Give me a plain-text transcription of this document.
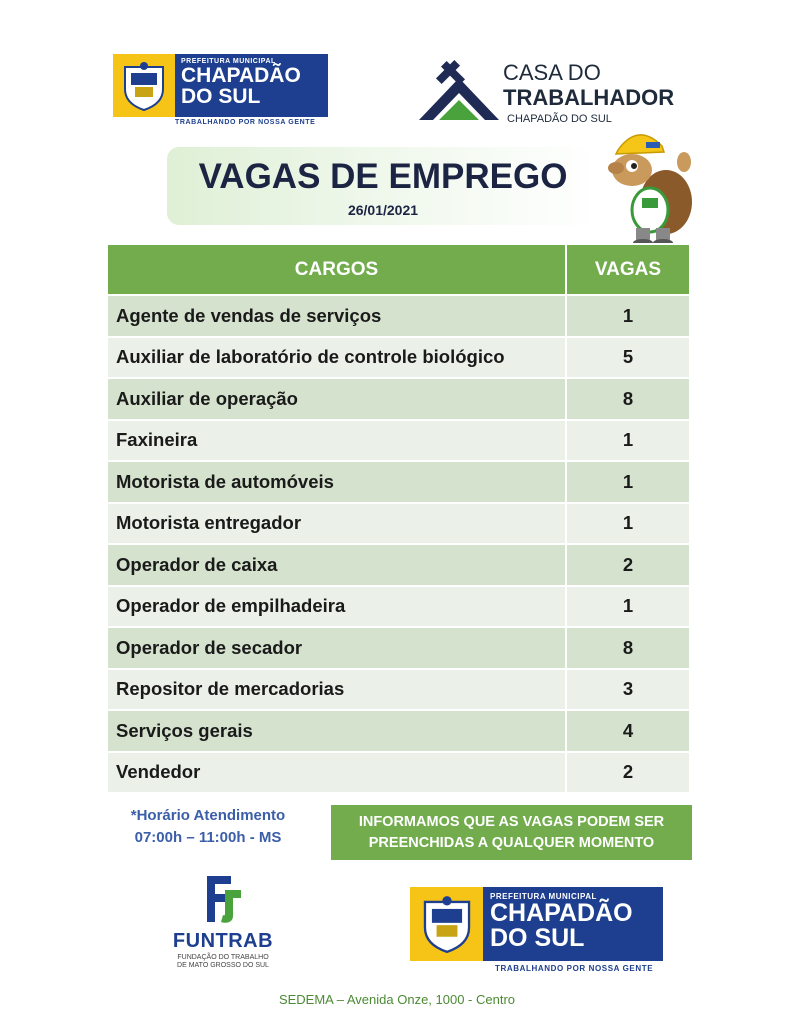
PREFEITURA MUNICIPAL
CHAPADÃO
DO SUL
TRABALHANDO POR NOSSA GENTE
CASA DO
TRABALHADOR
CHAPADÃO DO SUL
VAGAS DE EMPREGO
26/01/2021
CARGOS	VAGAS
Agente de vendas de serviços	1
Auxiliar de laboratório de controle biológico	5
Auxiliar de operação	8
Faxineira	1
Motorista de automóveis	1
Motorista entregador	1
Operador de caixa	2
Operador de empilhadeira	1
Operador de secador	8
Repositor de mercadorias	3
Serviços gerais	4
Vendedor	2
*Horário Atendimento
07:00h – 11:00h - MS
INFORMAMOS QUE AS VAGAS PODEM SER
PREENCHIDAS A QUALQUER MOMENTO
FUNTRAB
FUNDAÇÃO DO TRABALHO
DE MATO GROSSO DO SUL
PREFEITURA MUNICIPAL
CHAPADÃO
DO SUL
TRABALHANDO POR NOSSA GENTE
SEDEMA – Avenida Onze, 1000 - Centro
